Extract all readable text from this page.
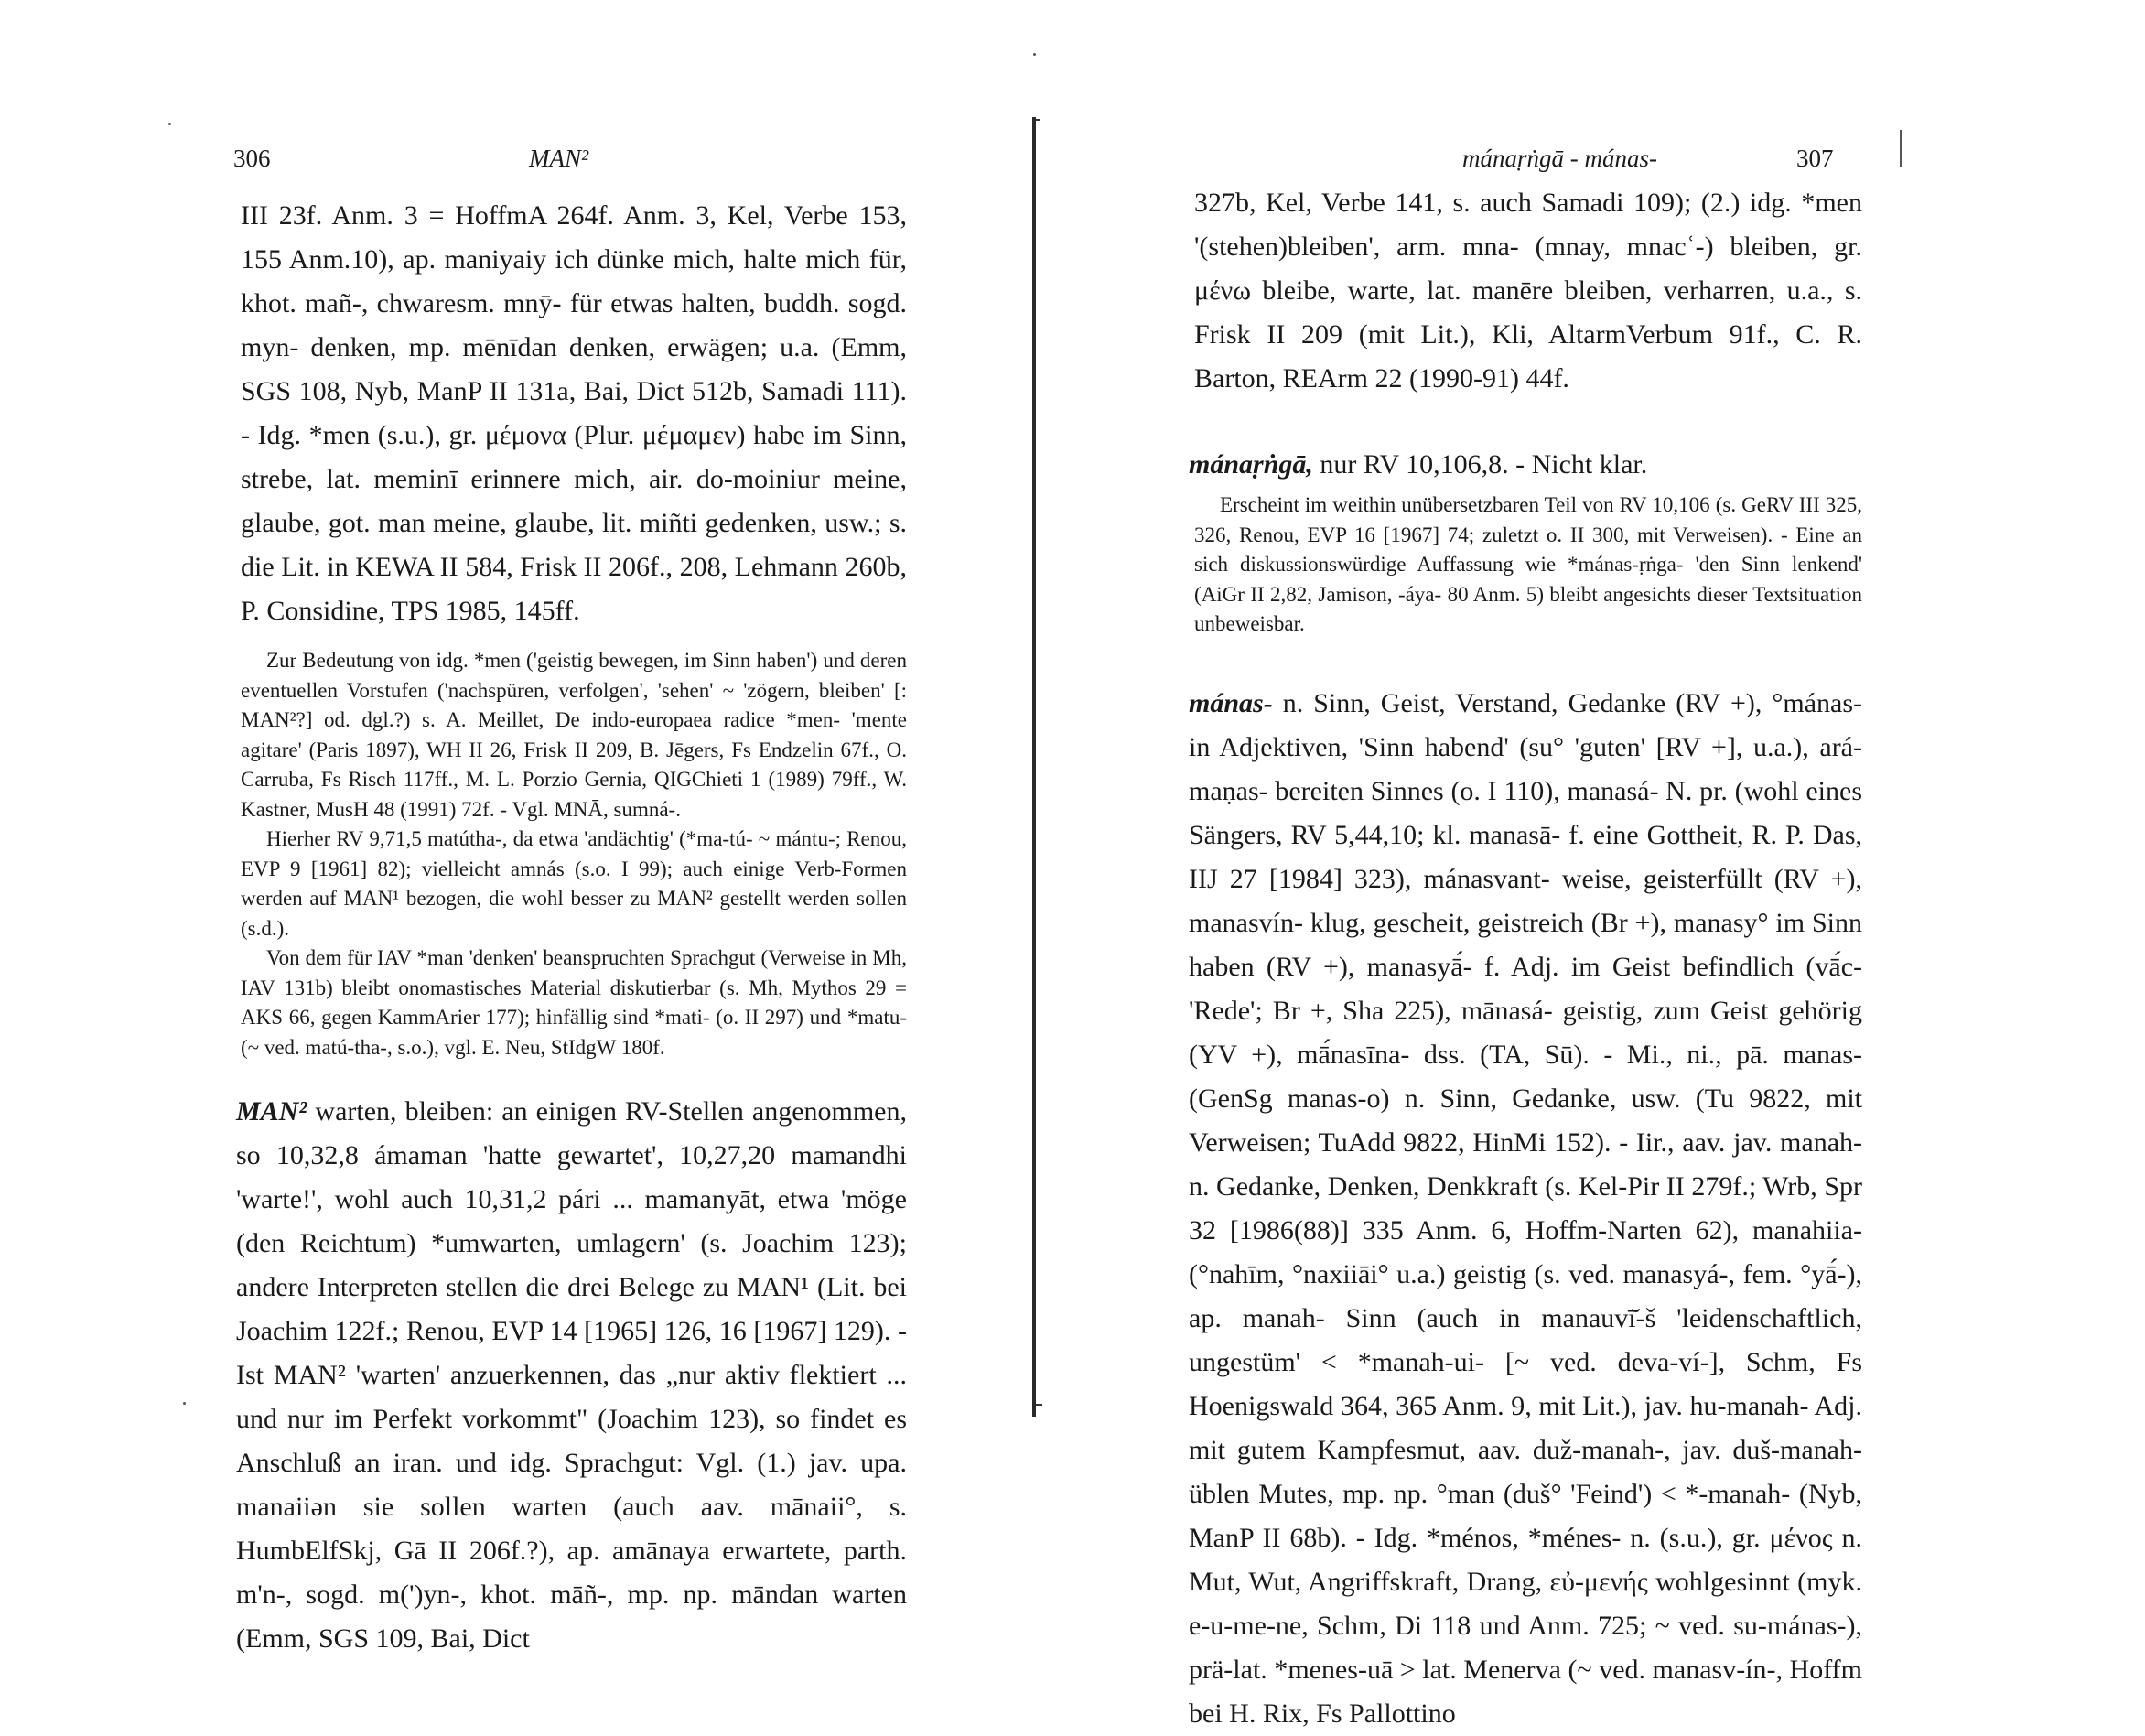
306	MAN²

III 23f. Anm. 3 = HoffmA 264f. Anm. 3, Kel, Verbe 153, 155 Anm.10), ap. maniyaiy ich dünke mich, halte mich für, khot. mañ-, chwaresm. mnȳ- für etwas halten, buddh. sogd. myn- denken, mp. mēnīdan denken, erwägen; u.a. (Emm, SGS 108, Nyb, ManP II 131a, Bai, Dict 512b, Samadi 111). - Idg. *men (s.u.), gr. μέμονα (Plur. μέμαμεν) habe im Sinn, strebe, lat. meminī erinnere mich, air. do-moiniur meine, glaube, got. man meine, glaube, lit. miñti gedenken, usw.; s. die Lit. in KEWA II 584, Frisk II 206f., 208, Lehmann 260b, P. Considine, TPS 1985, 145ff.

Zur Bedeutung von idg. *men ('geistig bewegen, im Sinn haben') und deren eventuellen Vorstufen ('nachspüren, verfolgen', 'sehen' ~ 'zögern, bleiben' [: MAN²?] od. dgl.?) s. A. Meillet, De indo-europaea radice *men- 'mente agitare' (Paris 1897), WH II 26, Frisk II 209, B. Jēgers, Fs Endzelin 67f., O. Carruba, Fs Risch 117ff., M. L. Porzio Gernia, QIGChieti 1 (1989) 79ff., W. Kastner, MusH 48 (1991) 72f. - Vgl. MNĀ, sumná-.

Hierher RV 9,71,5 matútha-, da etwa 'andächtig' (*ma-tú- ~ mántu-; Renou, EVP 9 [1961] 82); vielleicht amnás (s.o. I 99); auch einige Verb-Formen werden auf MAN¹ bezogen, die wohl besser zu MAN² gestellt werden sollen (s.d.).

Von dem für IAV *man 'denken' beanspruchten Sprachgut (Verweise in Mh, IAV 131b) bleibt onomastisches Material diskutierbar (s. Mh, Mythos 29 = AKS 66, gegen KammArier 177); hinfällig sind *mati- (o. II 297) und *matu- (~ ved. matú-tha-, s.o.), vgl. E. Neu, StIdgW 180f.

MAN² warten, bleiben: an einigen RV-Stellen angenommen, so 10,32,8 ámaman 'hatte gewartet', 10,27,20 mamandhi 'warte!', wohl auch 10,31,2 pári ... mamanyāt, etwa 'möge (den Reichtum) *umwarten, umlagern' (s. Joachim 123); andere Interpreten stellen die drei Belege zu MAN¹ (Lit. bei Joachim 122f.; Renou, EVP 14 [1965] 126, 16 [1967] 129). - Ist MAN² 'warten' anzuerkennen, das „nur aktiv flektiert ... und nur im Perfekt vorkommt" (Joachim 123), so findet es Anschluß an iran. und idg. Sprachgut: Vgl. (1.) jav. upa. manaiiən sie sollen warten (auch aav. mānaii°, s. HumbElfSkj, Gā II 206f.?), ap. amānaya erwartete, parth. m'n-, sogd. m(')yn-, khot. māñ-, mp. np. māndan warten (Emm, SGS 109, Bai, Dict

mánaṛṅgā - mánas-	307

327b, Kel, Verbe 141, s. auch Samadi 109); (2.) idg. *men '(stehen)bleiben', arm. mna- (mnay, mnacʿ-) bleiben, gr. μένω bleibe, warte, lat. manēre bleiben, verharren, u.a., s. Frisk II 209 (mit Lit.), Kli, AltarmVerbum 91f., C. R. Barton, REArm 22 (1990-91) 44f.

mánaṛṅgā, nur RV 10,106,8. - Nicht klar.

Erscheint im weithin unübersetzbaren Teil von RV 10,106 (s. GeRV III 325, 326, Renou, EVP 16 [1967] 74; zuletzt o. II 300, mit Verweisen). - Eine an sich diskussionswürdige Auffassung wie *mánas-ṛṅga- 'den Sinn lenkend' (AiGr II 2,82, Jamison, -áya- 80 Anm. 5) bleibt angesichts dieser Textsituation unbeweisbar.

mánas- n. Sinn, Geist, Verstand, Gedanke (RV +), °mánas- in Adjektiven, 'Sinn habend' (su° 'guten' [RV +], u.a.), ará-maṇas- bereiten Sinnes (o. I 110), manasá- N. pr. (wohl eines Sängers, RV 5,44,10; kl. manasā- f. eine Gottheit, R. P. Das, IIJ 27 [1984] 323), mánasvant- weise, geisterfüllt (RV +), manasvín- klug, gescheit, geistreich (Br +), manasy° im Sinn haben (RV +), manasyā́- f. Adj. im Geist befindlich (vā́c- 'Rede'; Br +, Sha 225), mānasá- geistig, zum Geist gehörig (YV +), mā́nasīna- dss. (TA, Sū). - Mi., ni., pā. manas- (GenSg manas-o) n. Sinn, Gedanke, usw. (Tu 9822, mit Verweisen; TuAdd 9822, HinMi 152). - Iir., aav. jav. manah- n. Gedanke, Denken, Denkkraft (s. Kel-Pir II 279f.; Wrb, Spr 32 [1986(88)] 335 Anm. 6, Hoffm-Narten 62), manahiia- (°nahīm, °naxiiāi° u.a.) geistig (s. ved. manasyá-, fem. °yā́-), ap. manah- Sinn (auch in manauvī̆-š 'leidenschaftlich, ungestüm' < *manah-ui- [~ ved. deva-ví-], Schm, Fs Hoenigswald 364, 365 Anm. 9, mit Lit.), jav. hu-manah- Adj. mit gutem Kampfesmut, aav. duž-manah-, jav. duš-manah- üblen Mutes, mp. np. °man (duš° 'Feind') < *-manah- (Nyb, ManP II 68b). - Idg. *ménos, *ménes- n. (s.u.), gr. μένος n. Mut, Wut, Angriffskraft, Drang, εὐ-μενής wohlgesinnt (myk. e-u-me-ne, Schm, Di 118 und Anm. 725; ~ ved. su-mánas-), prä-lat. *menes-uā > lat. Menerva (~ ved. manasv-ín-, Hoffm bei H. Rix, Fs Pallottino
